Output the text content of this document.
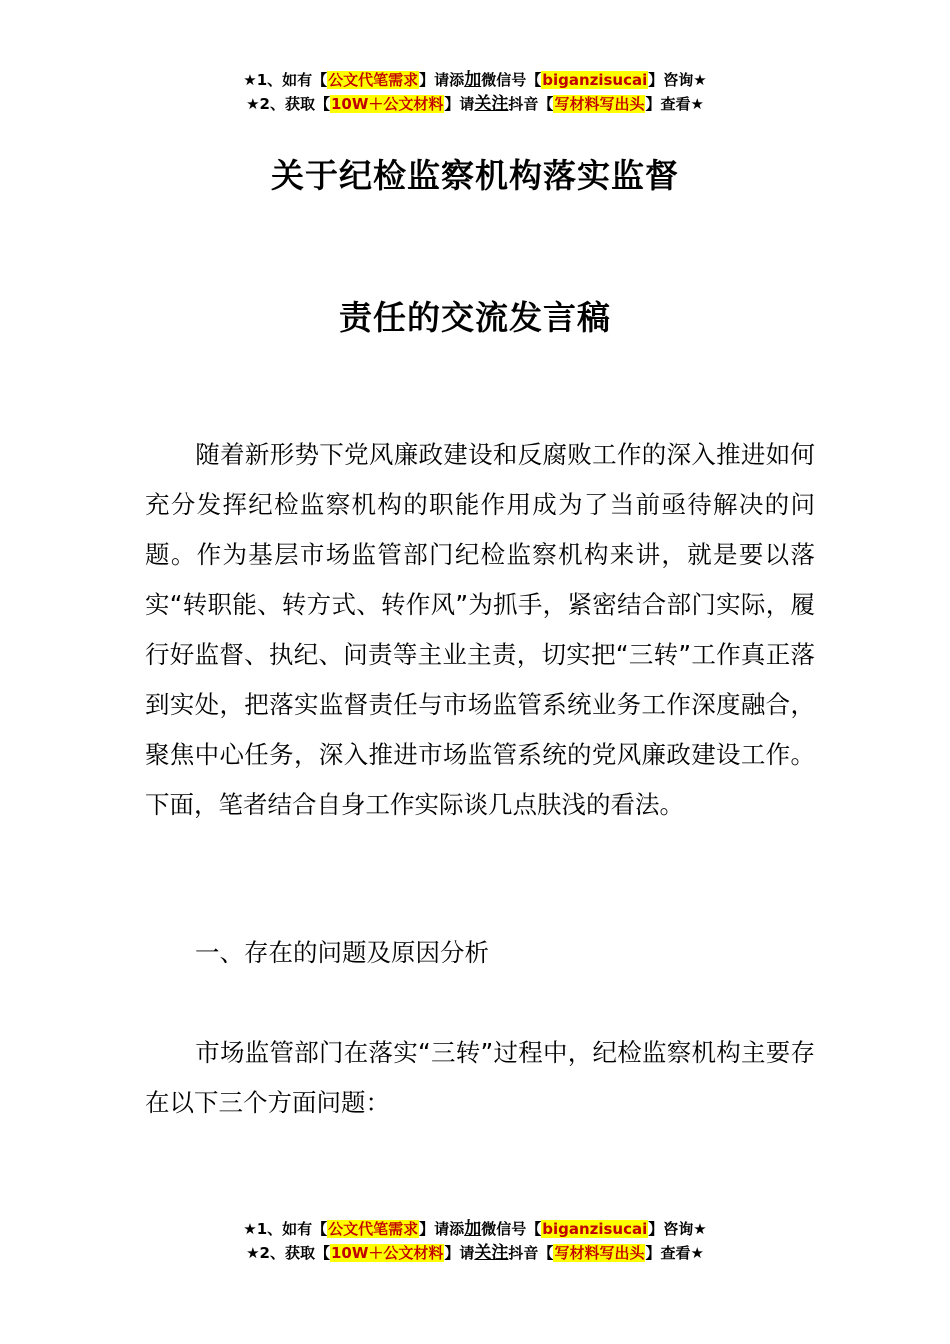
★1、如有【公文代笔需求】请添加微信号【biganzisucai】咨询★
★2、获取【10W＋公文材料】请关注抖音【写材料写出头】查看★
关于纪检监察机构落实监督
责任的交流发言稿
随着新形势下党风廉政建设和反腐败工作的深入推进如何充分发挥纪检监察机构的职能作用成为了当前亟待解决的问题。作为基层市场监管部门纪检监察机构来讲，就是要以落实“转职能、转方式、转作风”为抓手，紧密结合部门实际，履行好监督、执纪、问责等主业主责，切实把“三转”工作真正落到实处，把落实监督责任与市场监管系统业务工作深度融合，聚焦中心任务，深入推进市场监管系统的党风廉政建设工作。下面，笔者结合自身工作实际谈几点肤浅的看法。
一、存在的问题及原因分析
市场监管部门在落实“三转”过程中，纪检监察机构主要存在以下三个方面问题：
★1、如有【公文代笔需求】请添加微信号【biganzisucai】咨询★
★2、获取【10W＋公文材料】请关注抖音【写材料写出头】查看★
